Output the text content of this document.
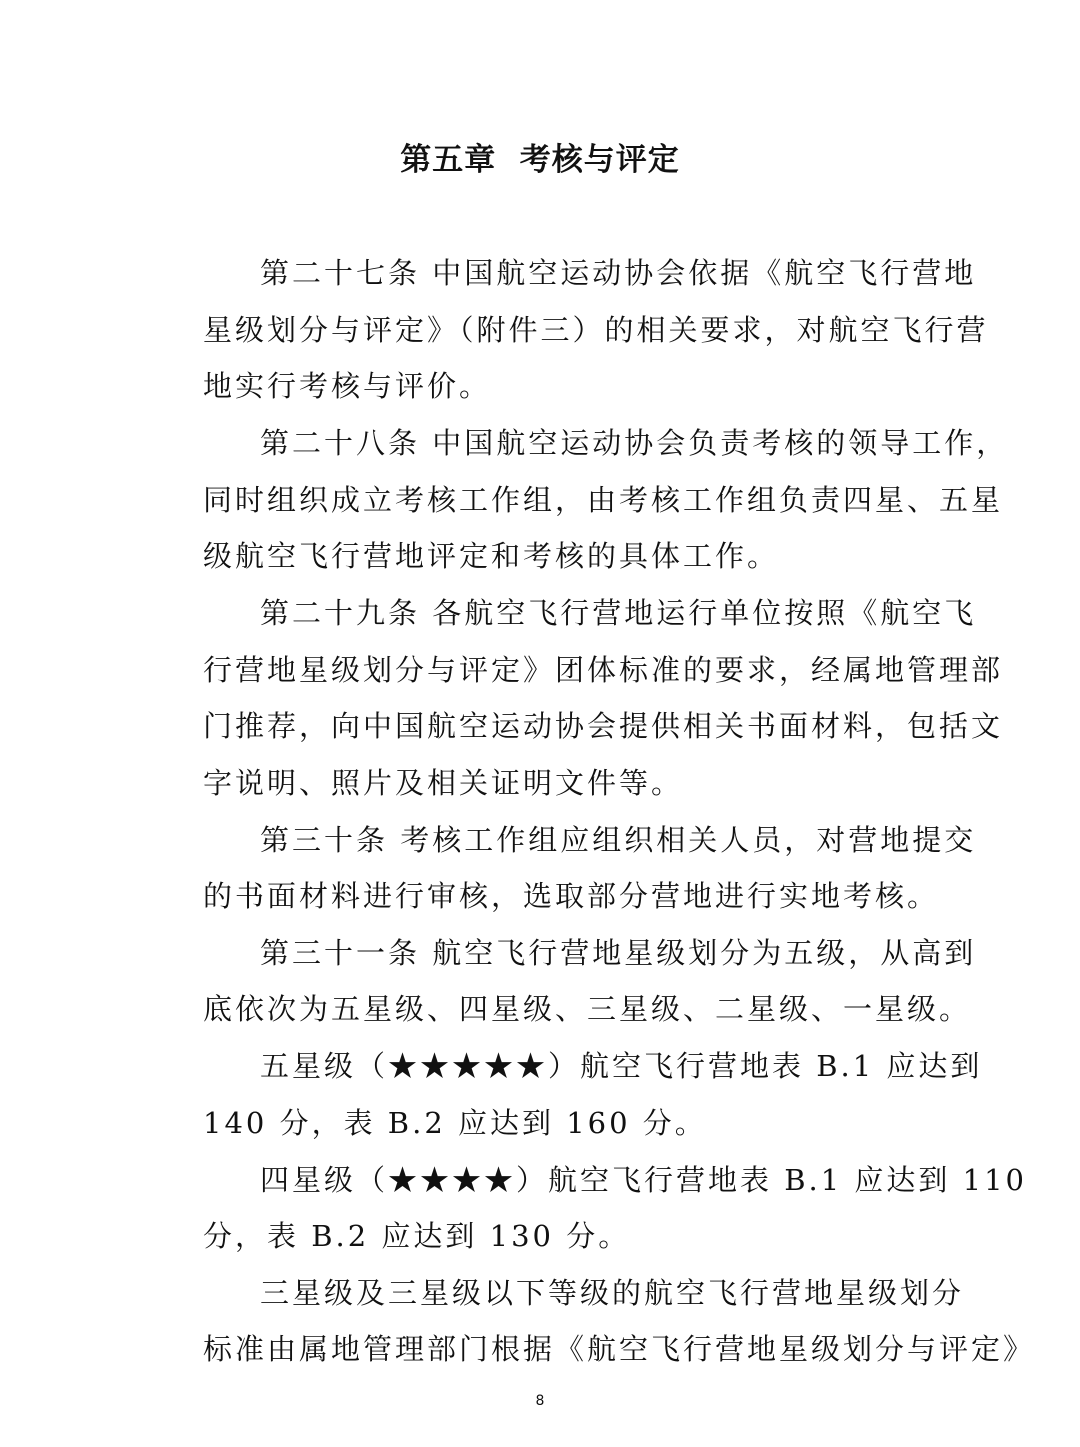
第五章  考核与评定
第二十七条 中国航空运动协会依据《航空飞行营地
星级划分与评定》（附件三）的相关要求，对航空飞行营
地实行考核与评价。
第二十八条 中国航空运动协会负责考核的领导工作，
同时组织成立考核工作组，由考核工作组负责四星、五星
级航空飞行营地评定和考核的具体工作。
第二十九条 各航空飞行营地运行单位按照《航空飞
行营地星级划分与评定》团体标准的要求，经属地管理部
门推荐，向中国航空运动协会提供相关书面材料，包括文
字说明、照片及相关证明文件等。
第三十条 考核工作组应组织相关人员，对营地提交
的书面材料进行审核，选取部分营地进行实地考核。
第三十一条 航空飞行营地星级划分为五级，从高到
底依次为五星级、四星级、三星级、二星级、一星级。
五星级（★★★★★）航空飞行营地表 B.1 应达到
140 分，表 B.2 应达到 160 分。
四星级（★★★★）航空飞行营地表 B.1 应达到 110
分，表 B.2 应达到 130 分。
三星级及三星级以下等级的航空飞行营地星级划分
标准由属地管理部门根据《航空飞行营地星级划分与评定》
8
